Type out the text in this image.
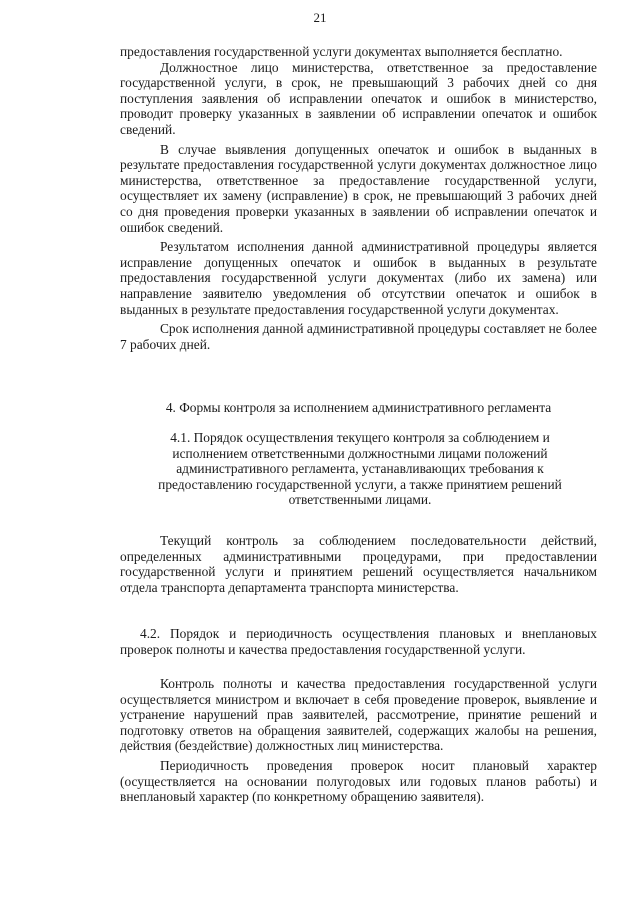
21

предоставления государственной услуги документах выполняется бесплатно.

Должностное лицо министерства, ответственное за предоставление государственной услуги, в срок, не превышающий 3 рабочих дней со дня поступления заявления об исправлении опечаток и ошибок в министерство, проводит проверку указанных в заявлении об исправлении опечаток и ошибок сведений.

В случае выявления допущенных опечаток и ошибок в выданных в результате предоставления государственной услуги документах должностное лицо министерства, ответственное за предоставление государственной услуги, осуществляет их замену (исправление) в срок, не превышающий 3 рабочих дней со дня проведения проверки указанных в заявлении об исправлении опечаток и ошибок сведений.

Результатом исполнения данной административной процедуры является исправление допущенных опечаток и ошибок в выданных в результате предоставления государственной услуги документах (либо их замена) или направление заявителю уведомления об отсутствии опечаток и ошибок в выданных в результате предоставления государственной услуги документах.

Срок исполнения данной административной процедуры составляет не более 7 рабочих дней.

4. Формы контроля за исполнением административного регламента
4.1. Порядок осуществления текущего контроля за соблюдением и исполнением ответственными должностными лицами положений административного регламента, устанавливающих требования к предоставлению государственной услуги, а также принятием решений ответственными лицами.

Текущий контроль за соблюдением последовательности действий, определенных административными процедурами, при предоставлении государственной услуги и принятием решений осуществляется начальником отдела транспорта департамента транспорта министерства.

4.2. Порядок и периодичность осуществления плановых и внеплановых проверок полноты и качества предоставления государственной услуги.

Контроль полноты и качества предоставления государственной услуги осуществляется министром и включает в себя проведение проверок, выявление и устранение нарушений прав заявителей, рассмотрение, принятие решений и подготовку ответов на обращения заявителей, содержащих жалобы на решения, действия (бездействие) должностных лиц министерства.

Периодичность проведения проверок носит плановый характер (осуществляется на основании полугодовых или годовых планов работы) и внеплановый характер (по конкретному обращению заявителя).
